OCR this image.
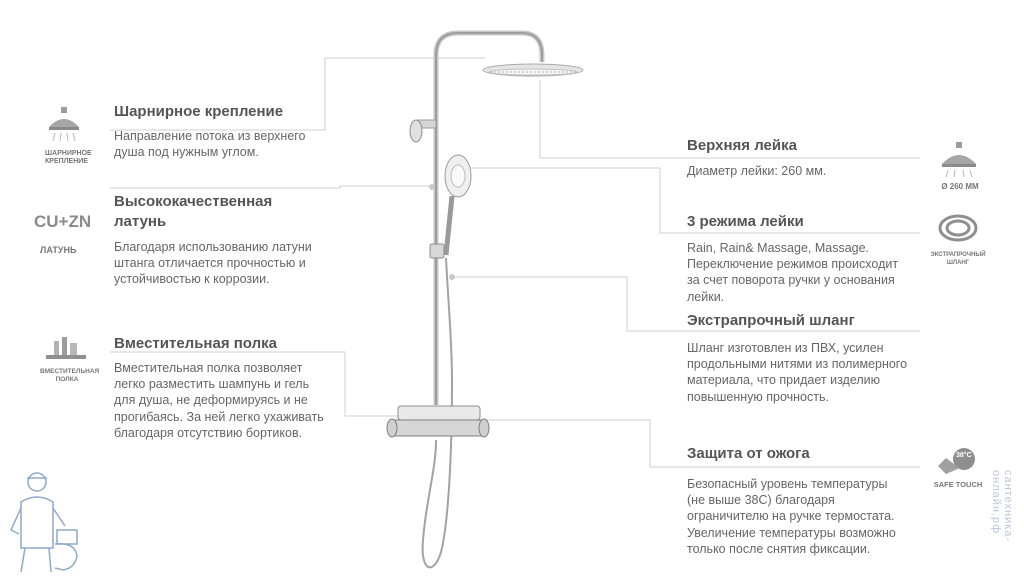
ШАРНИРНОЕ КРЕПЛЕНИЕ
Шарнирное крепление
Направление потока из верхнего душа под нужным углом.
CU+ZN
ЛАТУНЬ
Высококачественная латунь
Благодаря использованию латуни штанга отличается прочностью и устойчивостью к коррозии.
ВМЕСТИТЕЛЬНАЯ ПОЛКА
Вместительная полка
Вместительная полка позволяет легко разместить шампунь и гель для душа, не деформируясь и не прогибаясь. За ней легко ухаживать благодаря отсутствию бортиков.
Верхняя лейка
Диаметр лейки: 260 мм.
Ø 260 ММ
3 режима лейки
Rain, Rain& Massage, Massage. Переключение режимов происходит за счет поворота ручки у основания лейки.
ЭКСТРАПРОЧНЫЙ ШЛАНГ
Экстрапрочный шланг
Шланг изготовлен из ПВХ, усилен продольными нитями из полимерного материала, что придает изделию повышенную прочность.
Защита от ожога
Безопасный уровень температуры (не выше 38С) благодаря ограничителю на ручке термостата. Увеличение температуры возможно только после снятия фиксации.
38°C
SAFE TOUCH	сантехника-онлайн.рф
